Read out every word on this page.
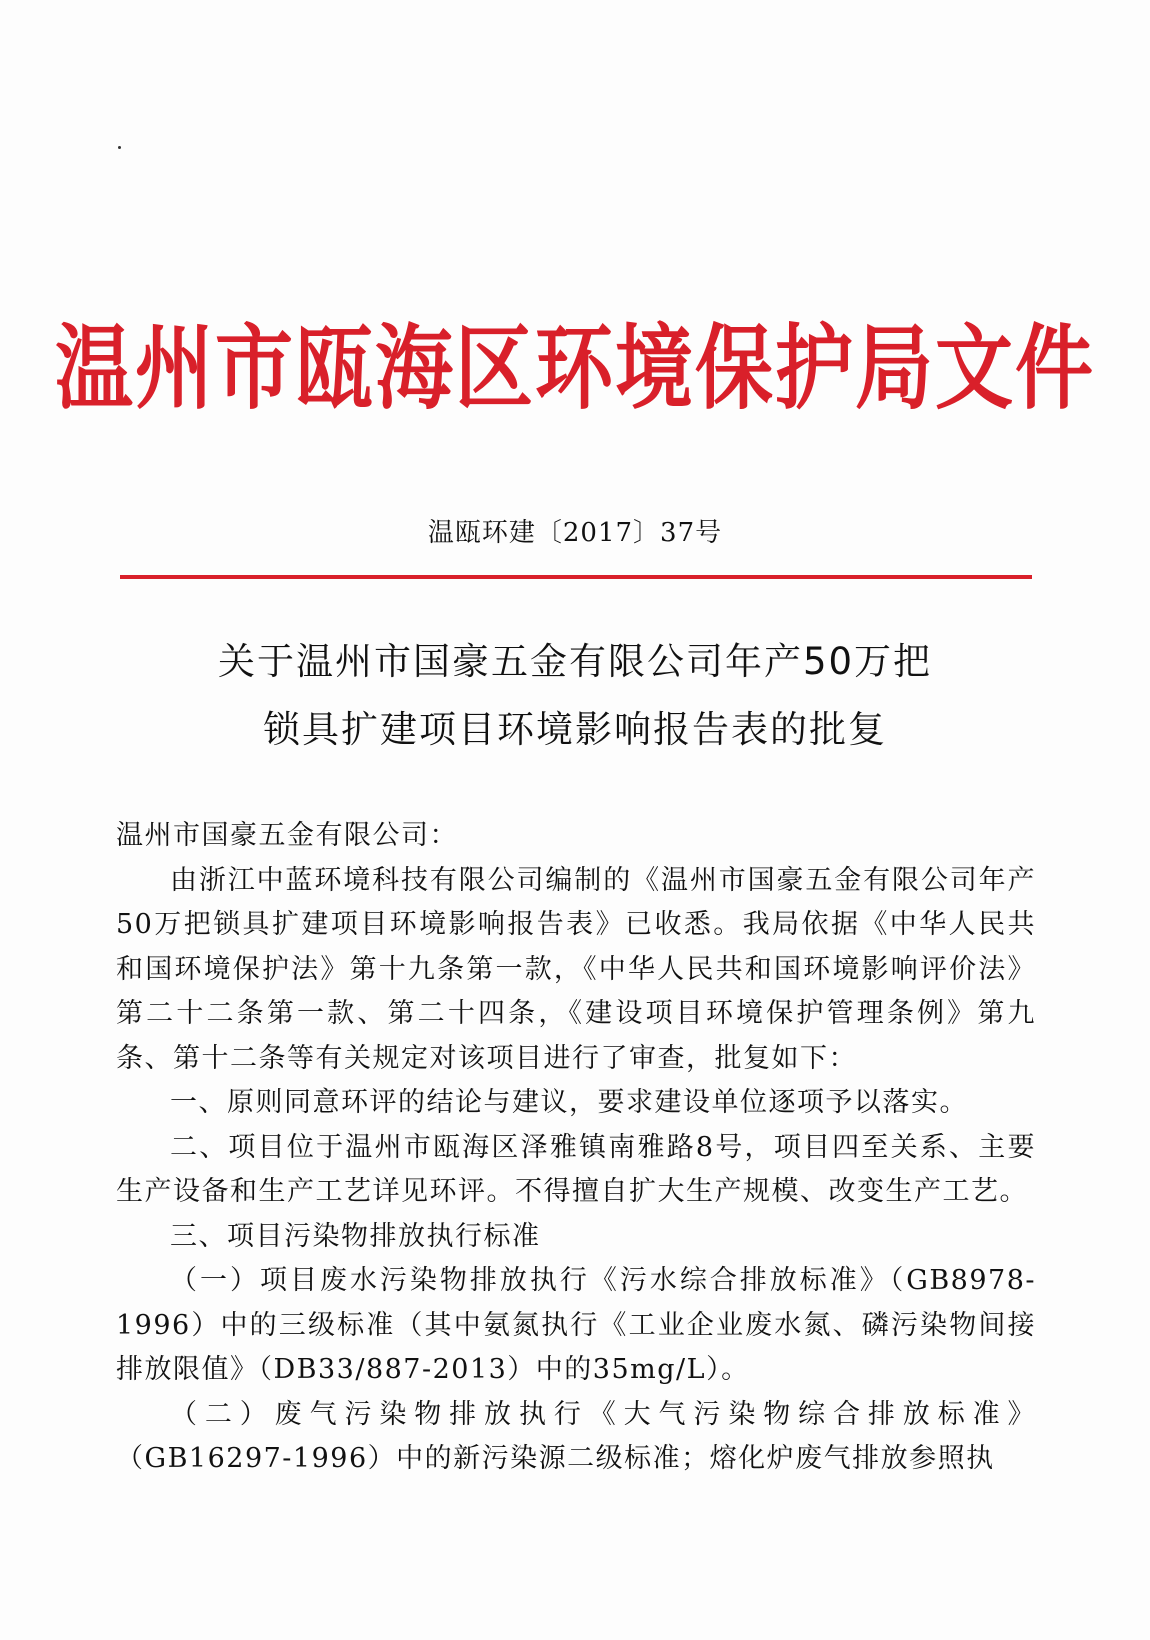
温州市瓯海区环境保护局文件
温瓯环建〔2017〕37号
关于温州市国豪五金有限公司年产50万把
锁具扩建项目环境影响报告表的批复

温州市国豪五金有限公司：

由浙江中蓝环境科技有限公司编制的《温州市国豪五金有限公司年产50万把锁具扩建项目环境影响报告表》已收悉。我局依据《中华人民共和国环境保护法》第十九条第一款，《中华人民共和国环境影响评价法》第二十二条第一款、第二十四条，《建设项目环境保护管理条例》第九条、第十二条等有关规定对该项目进行了审查，批复如下：

一、原则同意环评的结论与建议，要求建设单位逐项予以落实。

二、项目位于温州市瓯海区泽雅镇南雅路8号，项目四至关系、主要生产设备和生产工艺详见环评。不得擅自扩大生产规模、改变生产工艺。

三、项目污染物排放执行标准

（一）项目废水污染物排放执行《污水综合排放标准》（GB8978-1996）中的三级标准（其中氨氮执行《工业企业废水氮、磷污染物间接排放限值》（DB33/887-2013）中的35mg/L）。

（二）废气污染物排放执行《大气污染物综合排放标准》（GB16297-1996）中的新污染源二级标准；熔化炉废气排放参照执
